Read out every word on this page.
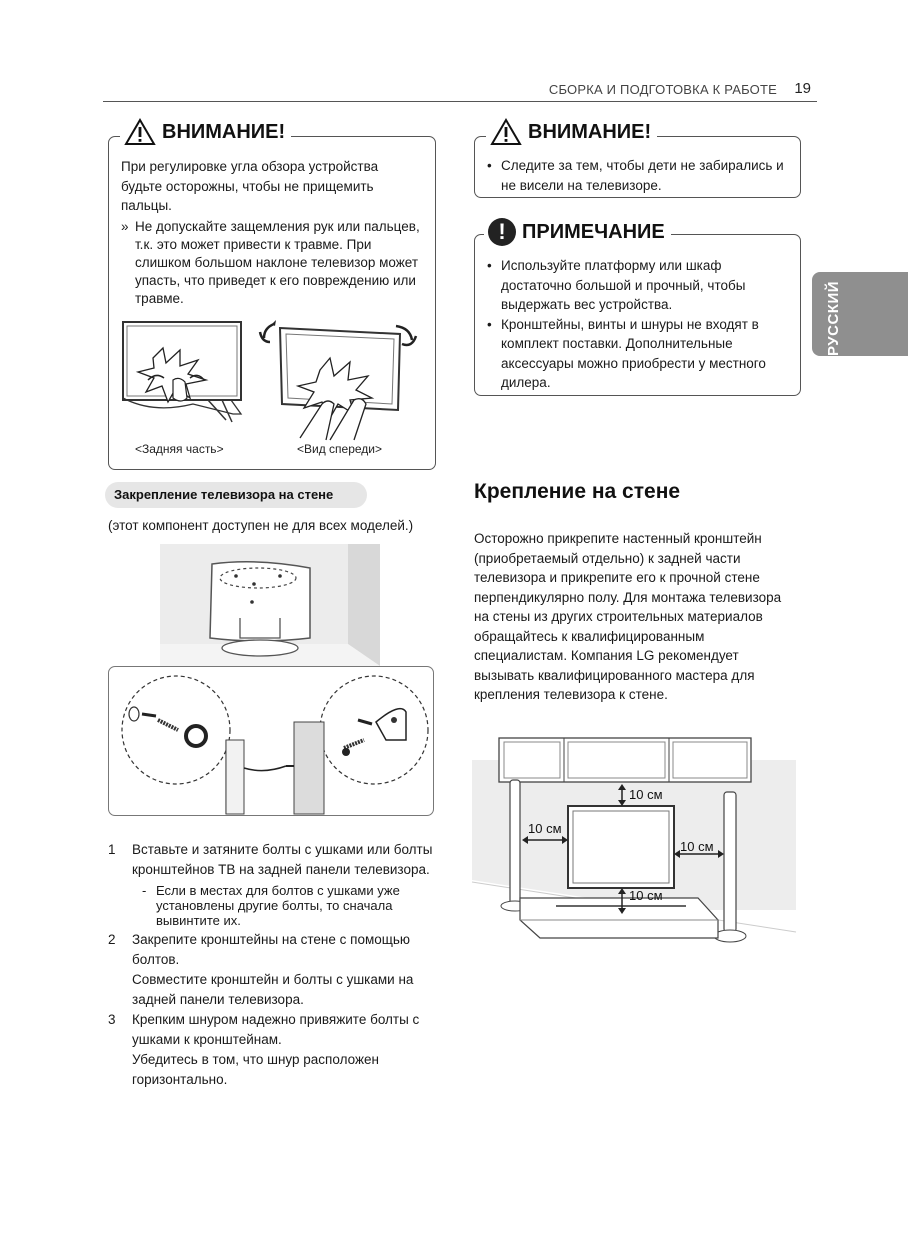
СБОРКА И ПОДГОТОВКА К РАБОТЕ 19
РУССКИЙ
ВНИМАНИЕ!
При регулировке угла обзора устройства будьте осторожны, чтобы не прищемить пальцы.
» Не допускайте защемления рук или пальцев, т.к. это может привести к травме. При слишком большом наклоне телевизор может упасть, что приведет к его повреждению или травме.
<Задняя часть>	<Вид спереди>
ВНИМАНИЕ!
• Следите за тем, чтобы дети не забирались и не висели на телевизоре.
! ПРИМЕЧАНИЕ
• Используйте платформу или шкаф достаточно большой и прочный, чтобы выдержать вес устройства.
• Кронштейны, винты и шнуры не входят в комплект поставки. Дополнительные аксессуары можно приобрести у местного дилера.
Закрепление телевизора на стене
(этот компонент доступен не для всех моделей.)
1 Вставьте и затяните болты с ушками или болты кронштейнов ТВ на задней панели телевизора.
- Если в местах для болтов с ушками уже установлены другие болты, то сначала вывинтите их.
2 Закрепите кронштейны на стене с помощью болтов.
Совместите кронштейн и болты с ушками на задней панели телевизора.
3 Крепким шнуром надежно привяжите болты с ушками к кронштейнам.
Убедитесь в том, что шнур расположен горизонтально.
Крепление на стене
Осторожно прикрепите настенный кронштейн (приобретаемый отдельно) к задней части телевизора и прикрепите его к прочной стене перпендикулярно полу. Для монтажа телевизора на стены из других строительных материалов обращайтесь к квалифицированным специалистам. Компания LG рекомендует вызывать квалифицированного мастера для крепления телевизора к стене.
10 см
10 см
10 см
10 см
